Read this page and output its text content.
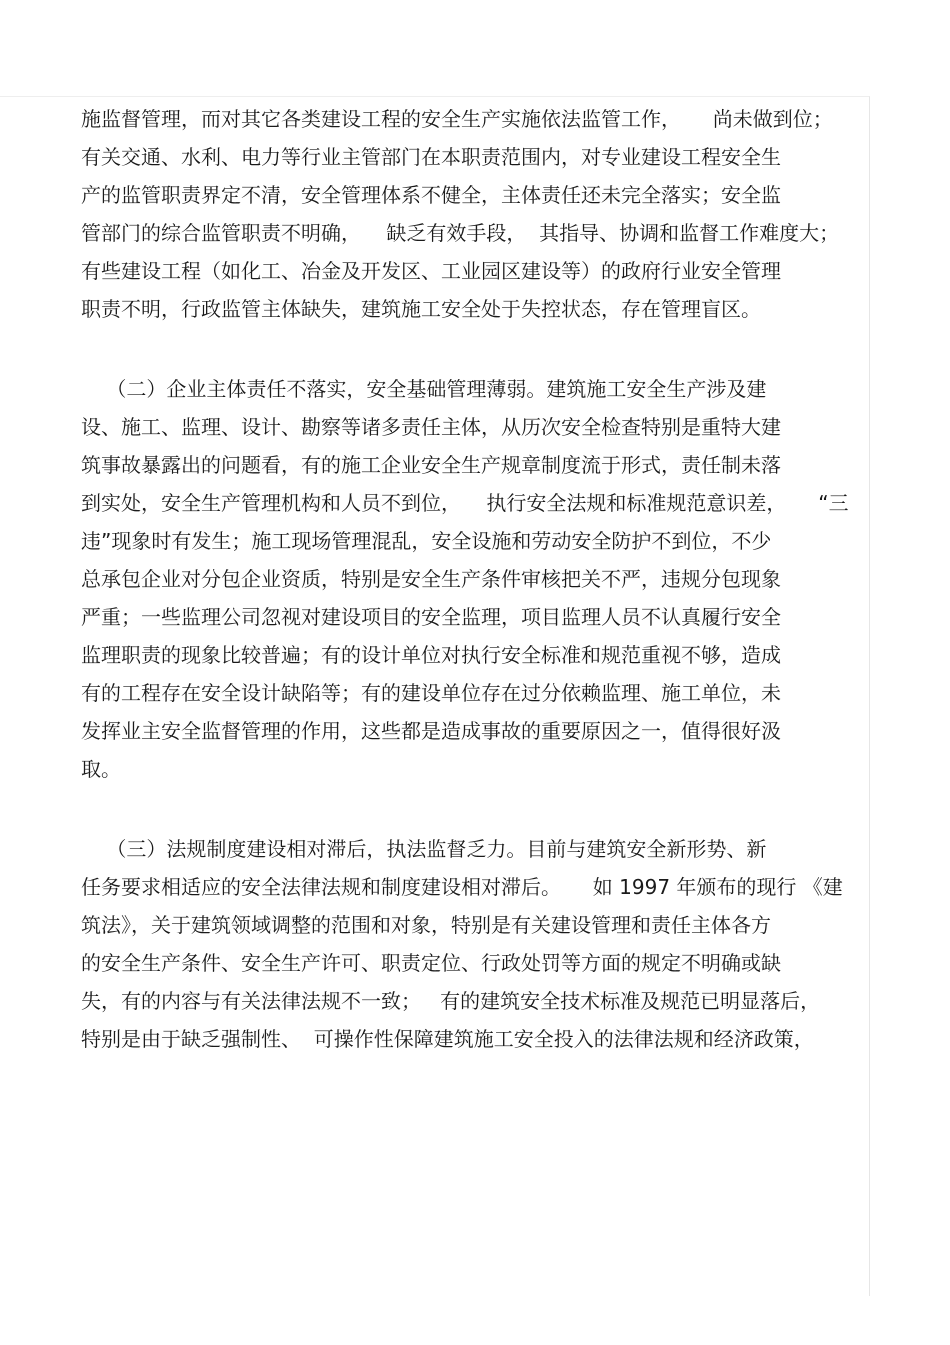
施监督管理，而对其它各类建设工程的安全生产实施依法监管工作，     尚未做到位；
有关交通、水利、电力等行业主管部门在本职责范围内，对专业建设工程安全生
产的监管职责界定不清，安全管理体系不健全，主体责任还未完全落实；安全监
管部门的综合监管职责不明确，    缺乏有效手段，  其指导、协调和监督工作难度大；
有些建设工程（如化工、冶金及开发区、工业园区建设等）的政府行业安全管理
职责不明，行政监管主体缺失，建筑施工安全处于失控状态，存在管理盲区。
（二）企业主体责任不落实，安全基础管理薄弱。建筑施工安全生产涉及建
设、施工、监理、设计、勘察等诸多责任主体，从历次安全检查特别是重特大建
筑事故暴露出的问题看，有的施工企业安全生产规章制度流于形式，责任制未落
到实处，安全生产管理机构和人员不到位，    执行安全法规和标准规范意识差，     “三
违”现象时有发生；施工现场管理混乱，安全设施和劳动安全防护不到位，不少
总承包企业对分包企业资质，特别是安全生产条件审核把关不严，违规分包现象
严重；一些监理公司忽视对建设项目的安全监理，项目监理人员不认真履行安全
监理职责的现象比较普遍；有的设计单位对执行安全标准和规范重视不够，造成
有的工程存在安全设计缺陷等；有的建设单位存在过分依赖监理、施工单位，未
发挥业主安全监督管理的作用，这些都是造成事故的重要原因之一，值得很好汲
取。
（三）法规制度建设相对滞后，执法监督乏力。目前与建筑安全新形势、新
任务要求相适应的安全法律法规和制度建设相对滞后。     如 1997 年颁布的现行 《建
筑法》，关于建筑领域调整的范围和对象，特别是有关建设管理和责任主体各方
的安全生产条件、安全生产许可、职责定位、行政处罚等方面的规定不明确或缺
失，有的内容与有关法律法规不一致；   有的建筑安全技术标准及规范已明显落后，
特别是由于缺乏强制性、  可操作性保障建筑施工安全投入的法律法规和经济政策，
